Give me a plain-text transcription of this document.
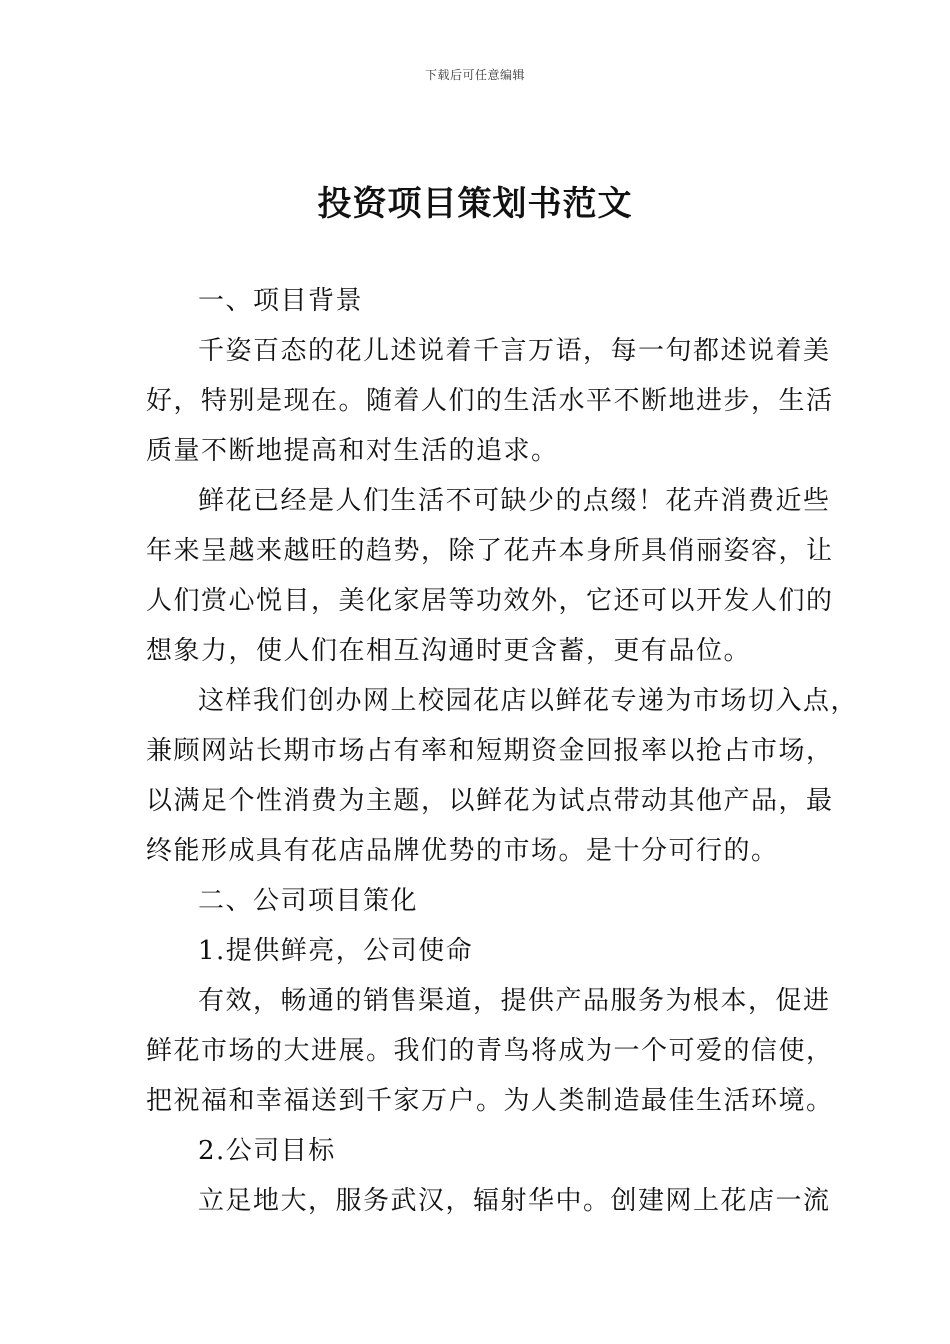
下载后可任意编辑
投资项目策划书范文
一、项目背景
千姿百态的花儿述说着千言万语，每一句都述说着美
好，特别是现在。随着人们的生活水平不断地进步，生活
质量不断地提高和对生活的追求。
鲜花已经是人们生活不可缺少的点缀！花卉消费近些
年来呈越来越旺的趋势，除了花卉本身所具俏丽姿容，让
人们赏心悦目，美化家居等功效外，它还可以开发人们的
想象力，使人们在相互沟通时更含蓄，更有品位。
这样我们创办网上校园花店以鲜花专递为市场切入点，
兼顾网站长期市场占有率和短期资金回报率以抢占市场，
以满足个性消费为主题，以鲜花为试点带动其他产品，最
终能形成具有花店品牌优势的市场。是十分可行的。
二、公司项目策化
1.提供鲜亮，公司使命
有效，畅通的销售渠道，提供产品服务为根本，促进
鲜花市场的大进展。我们的青鸟将成为一个可爱的信使，
把祝福和幸福送到千家万户。为人类制造最佳生活环境。
2.公司目标
立足地大，服务武汉，辐射华中。创建网上花店一流
